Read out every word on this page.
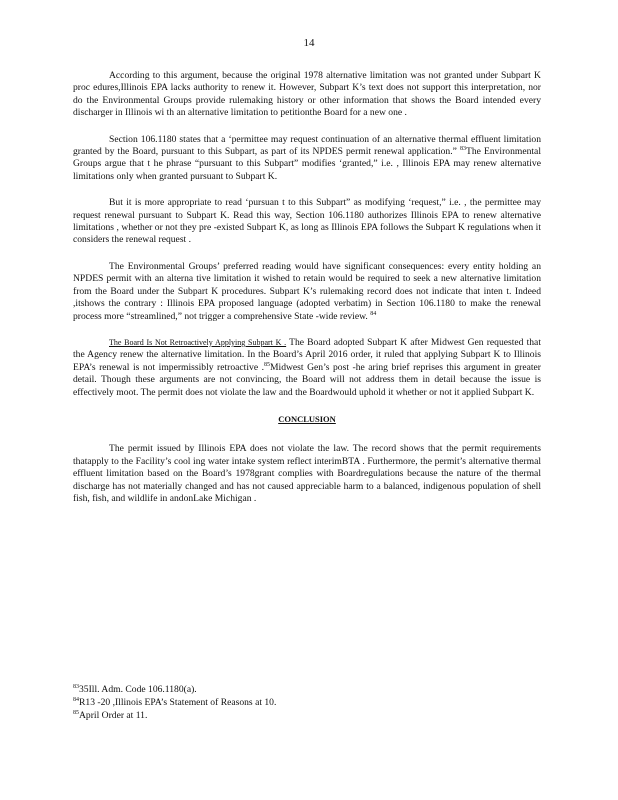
14

According to this argument, because the original 1978 alternative limitation was not granted under Subpart K proc edures,Illinois EPA lacks authority to renew it. However, Subpart K’s text does not support this interpretation, nor do the Environmental Groups provide rulemaking history or other information that shows the Board intended every discharger in Illinois wi th an alternative limitation to petitionthe Board for a new one .

Section 106.1180 states that a ‘permittee may request continuation of an alternative thermal effluent limitation granted by the Board, pursuant to this Subpart, as part of its NPDES permit renewal application.” $^{83}$The Environmental Groups argue that t he phrase “pursuant to this Subpart” modifies ‘granted,” i.e. , Illinois EPA may renew alternative limitations only when granted pursuant to Subpart K.

But it is more appropriate to read ‘pursuan t to this Subpart” as modifying ‘request,” i.e. , the permittee may request renewal pursuant to Subpart K. Read this way, Section 106.1180 authorizes Illinois EPA to renew alternative limitations , whether or not they pre -existed Subpart K, as long as Illinois EPA follows the Subpart K regulations when it considers the renewal request .

The Environmental Groups’ preferred reading would have significant consequences: every entity holding an NPDES permit with an alterna tive limitation it wished to retain would be required to seek a new alternative limitation from the Board under the Subpart K procedures. Subpart K’s rulemaking record does not indicate that inten t. Indeed ,itshows the contrary : Illinois EPA proposed language (adopted verbatim) in Section 106.1180 to make the renewal process more “streamlined,” not trigger a comprehensive State -wide review. $^{84}$

The Board Is Not Retroactively Applying Subpart K . The Board adopted Subpart K after Midwest Gen requested that the Agency renew the alternative limitation. In the Board’s April 2016 order, it ruled that applying Subpart K to Illinois EPA’s renewal is not impermissibly retroactive .$^{85}$Midwest Gen’s post -he aring brief reprises this argument in greater detail. Though these arguments are not convincing, the Board will not address them in detail because the issue is effectively moot. The permit does not violate the law and the Boardwould uphold it whether or not it applied Subpart K.

CONCLUSION

The permit issued by Illinois EPA does not violate the law. The record shows that the permit requirements thatapply to the Facility’s cool ing water intake system reflect interimBTA . Furthermore, the permit’s alternative thermal effluent limitation based on the Board’s 1978grant complies with Boardregulations because the nature of the thermal discharge has not materially changed and has not caused appreciable harm to a balanced, indigenous population of shell fish, fish, and wildlife in andonLake Michigan .

$^{83}$35Ill. Adm. Code 106.1180(a).

$^{84}$R13 -20 ,Illinois EPA’s Statement of Reasons at 10.

$^{85}$April Order at 11.
